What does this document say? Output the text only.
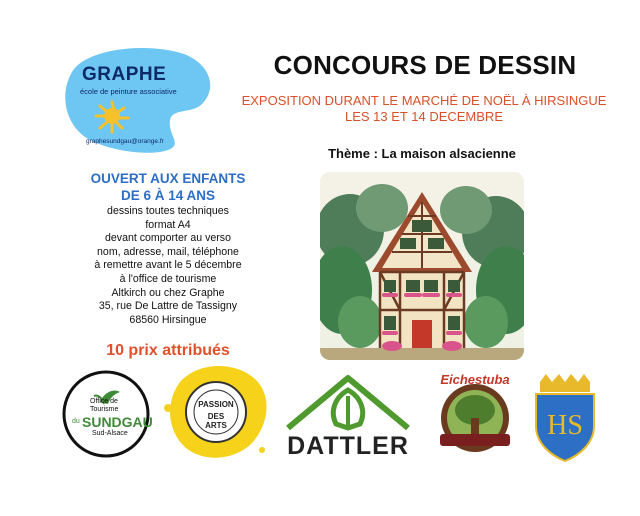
GRAPHE
école de peinture associative
graphesundgau@orange.fr
CONCOURS DE DESSIN
EXPOSITION DURANT LE MARCHÉ DE NOËL À HIRSINGUE
LES 13 ET 14 DECEMBRE
Thème : La maison alsacienne
OUVERT AUX ENFANTS
DE 6 À 14 ANS
dessins toutes techniques
format A4
devant comporter au verso
nom, adresse, mail, téléphone
à remettre avant le 5 décembre
à l'office de tourisme
Altkirch ou chez Graphe
35, rue De Lattre de Tassigny
68560 Hirsingue
10 prix attribués
Office de
Tourisme
du SUNDGAU
Sud-Alsace
PASSION
DES ARTS
DATTLER
Eichestuba
HS
